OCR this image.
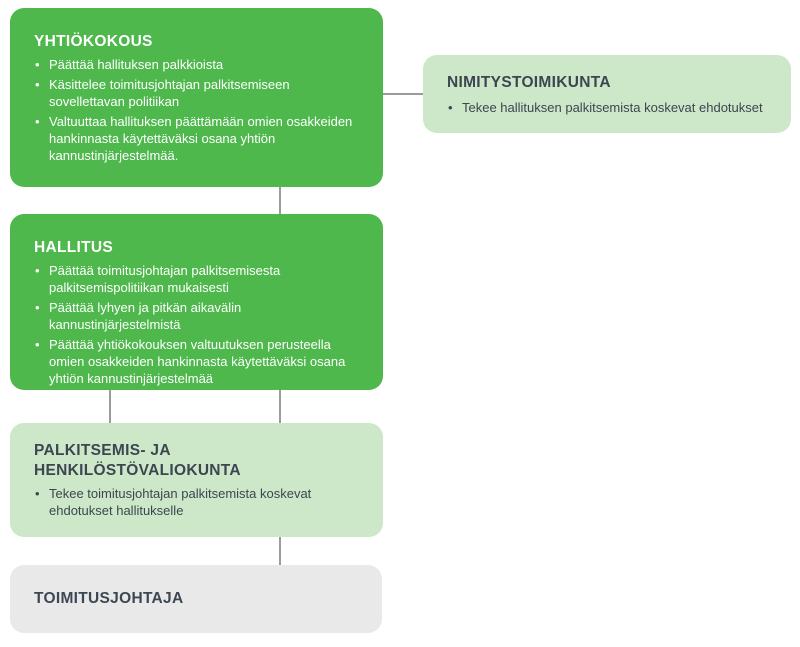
YHTIÖKOKOUS
• Päättää hallituksen palkkioista
• Käsittelee toimitusjohtajan palkitsemiseen sovellettavan politiikan
• Valtuuttaa hallituksen päättämään omien osakkeiden hankinnasta käytettäväksi osana yhtiön kannustinjärjestelmää.
NIMITYSTOIMIKUNTA
• Tekee hallituksen palkitsemista koskevat ehdotukset
HALLITUS
• Päättää toimitusjohtajan palkitsemisesta palkitsemispolitiikan mukaisesti
• Päättää lyhyen ja pitkän aikavälin kannustinjärjestelmistä
• Päättää yhtiökokouksen valtuutuksen perusteella omien osakkeiden hankinnasta käytettäväksi osana yhtiön kannustinjärjestelmää
PALKITSEMIS- JA HENKILÖSTÖVALIOKUNTA
• Tekee toimitusjohtajan palkitsemista koskevat ehdotukset hallitukselle
TOIMITUSJOHTAJA
